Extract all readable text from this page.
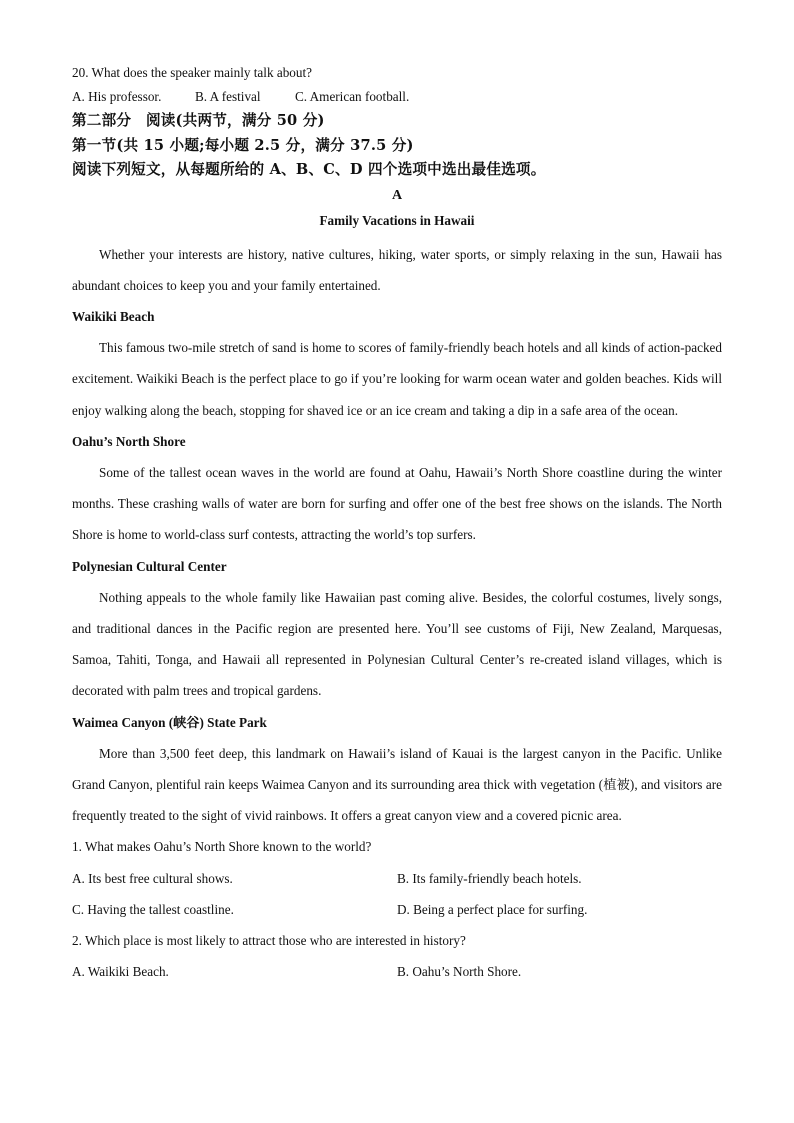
20. What does the speaker mainly talk about?

A. His professor.	B. A festival	C. American football.
第二部分　阅读(共两节，满分 50 分)
第一节(共 15 小题;每小题 2.5 分，满分 37.5 分)
阅读下列短文，从每题所给的 A、B、C、D 四个选项中选出最佳选项。
A
Family Vacations in Hawaii

Whether your interests are history, native cultures, hiking, water sports, or simply relaxing in the sun, Hawaii has abundant choices to keep you and your family entertained.

Waikiki Beach

This famous two-mile stretch of sand is home to scores of family-friendly beach hotels and all kinds of action-packed excitement. Waikiki Beach is the perfect place to go if you’re looking for warm ocean water and golden beaches. Kids will enjoy walking along the beach, stopping for shaved ice or an ice cream and taking a dip in a safe area of the ocean.

Oahu’s North Shore

Some of the tallest ocean waves in the world are found at Oahu, Hawaii’s North Shore coastline during the winter months. These crashing walls of water are born for surfing and offer one of the best free shows on the islands. The North Shore is home to world-class surf contests, attracting the world’s top surfers.

Polynesian Cultural Center

Nothing appeals to the whole family like Hawaiian past coming alive. Besides, the colorful costumes, lively songs, and traditional dances in the Pacific region are presented here. You’ll see customs of Fiji, New Zealand, Marquesas, Samoa, Tahiti, Tonga, and Hawaii all represented in Polynesian Cultural Center’s re-created island villages, which is decorated with palm trees and tropical gardens.

Waimea Canyon (峡谷) State Park

More than 3,500 feet deep, this landmark on Hawaii’s island of Kauai is the largest canyon in the Pacific. Unlike Grand Canyon, plentiful rain keeps Waimea Canyon and its surrounding area thick with vegetation (植被), and visitors are frequently treated to the sight of vivid rainbows. It offers a great canyon view and a covered picnic area.

1. What makes Oahu’s North Shore known to the world?

A. Its best free cultural shows.	B. Its family-friendly beach hotels.
C. Having the tallest coastline.	D. Being a perfect place for surfing.

2. Which place is most likely to attract those who are interested in history?

A. Waikiki Beach.	B. Oahu’s North Shore.
